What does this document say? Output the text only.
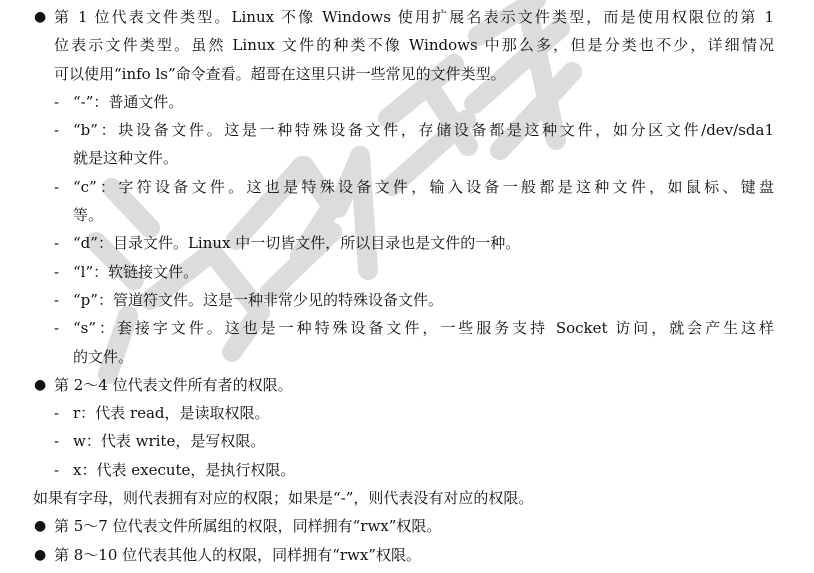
● 第 1 位代表文件类型。Linux 不像 Windows 使用扩展名表示文件类型，而是使用权限位的第 1
位表示文件类型。虽然 Linux 文件的种类不像 Windows 中那么多，但是分类也不少，详细情况
可以使用“info ls”命令查看。超哥在这里只讲一些常见的文件类型。
- “-”：普通文件。
- “b”：块设备文件。这是一种特殊设备文件，存储设备都是这种文件，如分区文件/dev/sda1
就是这种文件。
- “c”：字符设备文件。这也是特殊设备文件，输入设备一般都是这种文件，如鼠标、键盘
等。
- “d”：目录文件。Linux 中一切皆文件，所以目录也是文件的一种。
- “l”：软链接文件。
- “p”：管道符文件。这是一种非常少见的特殊设备文件。
- “s”：套接字文件。这也是一种特殊设备文件，一些服务支持 Socket 访问，就会产生这样
的文件。
● 第 2～4 位代表文件所有者的权限。
- r：代表 read，是读取权限。
- w：代表 write，是写权限。
- x：代表 execute，是执行权限。
如果有字母，则代表拥有对应的权限；如果是“-”，则代表没有对应的权限。
● 第 5～7 位代表文件所属组的权限，同样拥有“rwx”权限。
● 第 8～10 位代表其他人的权限，同样拥有“rwx”权限。
